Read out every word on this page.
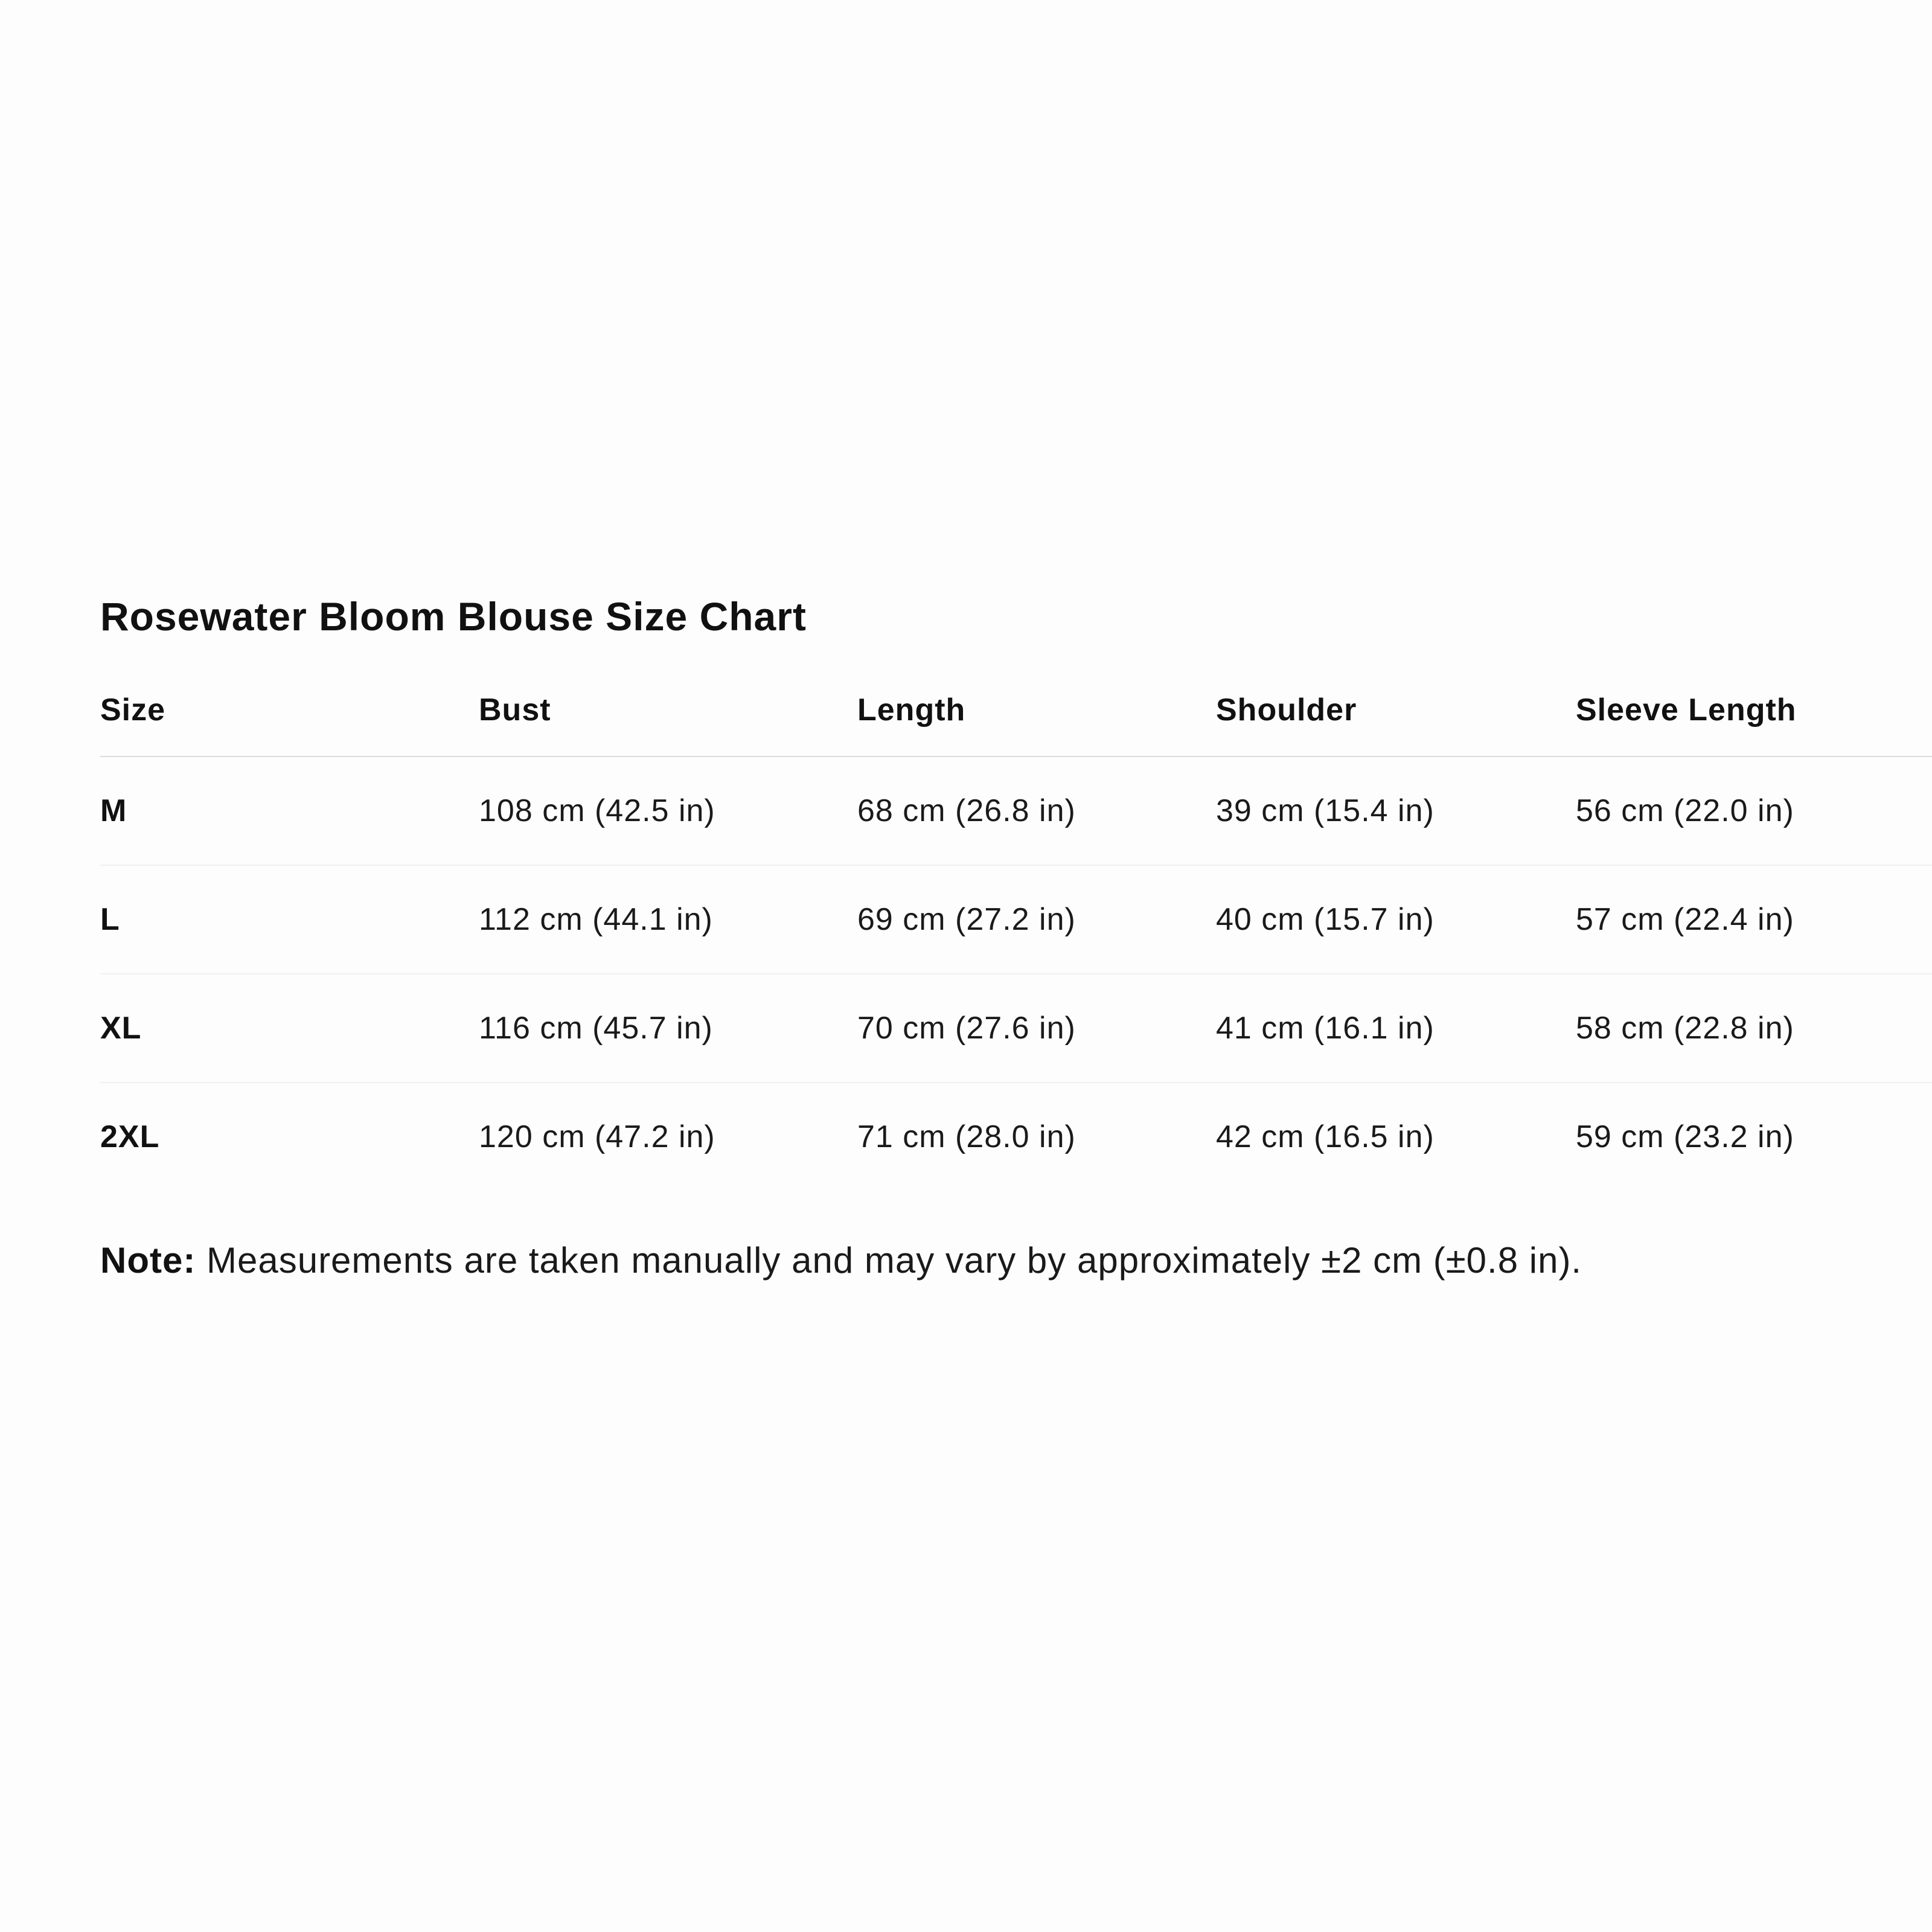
Rosewater Bloom Blouse Size Chart
Size	Bust	Length	Shoulder	Sleeve Length
M	108 cm (42.5 in)	68 cm (26.8 in)	39 cm (15.4 in)	56 cm (22.0 in)
L	112 cm (44.1 in)	69 cm (27.2 in)	40 cm (15.7 in)	57 cm (22.4 in)
XL	116 cm (45.7 in)	70 cm (27.6 in)	41 cm (16.1 in)	58 cm (22.8 in)
2XL	120 cm (47.2 in)	71 cm (28.0 in)	42 cm (16.5 in)	59 cm (23.2 in)

Note: Measurements are taken manually and may vary by approximately ±2 cm (±0.8 in).
